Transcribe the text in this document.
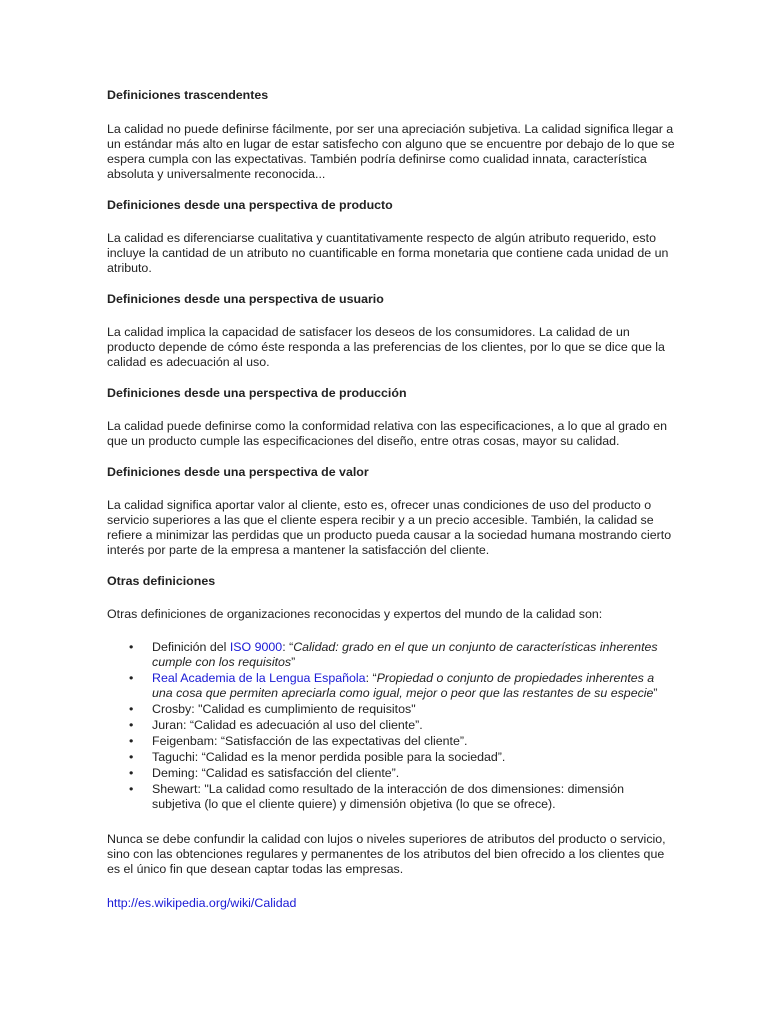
Definiciones trascendentes

La calidad no puede definirse fácilmente, por ser una apreciación subjetiva. La calidad significa llegar a un estándar más alto en lugar de estar satisfecho con alguno que se encuentre por debajo de lo que se espera cumpla con las expectativas. También podría definirse como cualidad innata, característica absoluta y universalmente reconocida...

Definiciones desde una perspectiva de producto

La calidad es diferenciarse cualitativa y cuantitativamente respecto de algún atributo requerido, esto incluye la cantidad de un atributo no cuantificable en forma monetaria que contiene cada unidad de un atributo.

Definiciones desde una perspectiva de usuario

La calidad implica la capacidad de satisfacer los deseos de los consumidores. La calidad de un producto depende de cómo éste responda a las preferencias de los clientes, por lo que se dice que la calidad es adecuación al uso.

Definiciones desde una perspectiva de producción

La calidad puede definirse como la conformidad relativa con las especificaciones, a lo que al grado en que un producto cumple las especificaciones del diseño, entre otras cosas, mayor su calidad.

Definiciones desde una perspectiva de valor

La calidad significa aportar valor al cliente, esto es, ofrecer unas condiciones de uso del producto o servicio superiores a las que el cliente espera recibir y a un precio accesible. También, la calidad se refiere a minimizar las perdidas que un producto pueda causar a la sociedad humana mostrando cierto interés por parte de la empresa a mantener la satisfacción del cliente.

Otras definiciones

Otras definiciones de organizaciones reconocidas y expertos del mundo de la calidad son:

• Definición del ISO 9000: “Calidad: grado en el que un conjunto de características inherentes cumple con los requisitos”
• Real Academia de la Lengua Española: “Propiedad o conjunto de propiedades inherentes a una cosa que permiten apreciarla como igual, mejor o peor que las restantes de su especie”
• Crosby: "Calidad es cumplimiento de requisitos"
• Juran: “Calidad es adecuación al uso del cliente”.
• Feigenbam: “Satisfacción de las expectativas del cliente”.
• Taguchi: “Calidad es la menor perdida posible para la sociedad”.
• Deming: “Calidad es satisfacción del cliente”.
• Shewart: "La calidad como resultado de la interacción de dos dimensiones: dimensión subjetiva (lo que el cliente quiere) y dimensión objetiva (lo que se ofrece).

Nunca se debe confundir la calidad con lujos o niveles superiores de atributos del producto o servicio, sino con las obtenciones regulares y permanentes de los atributos del bien ofrecido a los clientes que es el único fin que desean captar todas las empresas.

http://es.wikipedia.org/wiki/Calidad
